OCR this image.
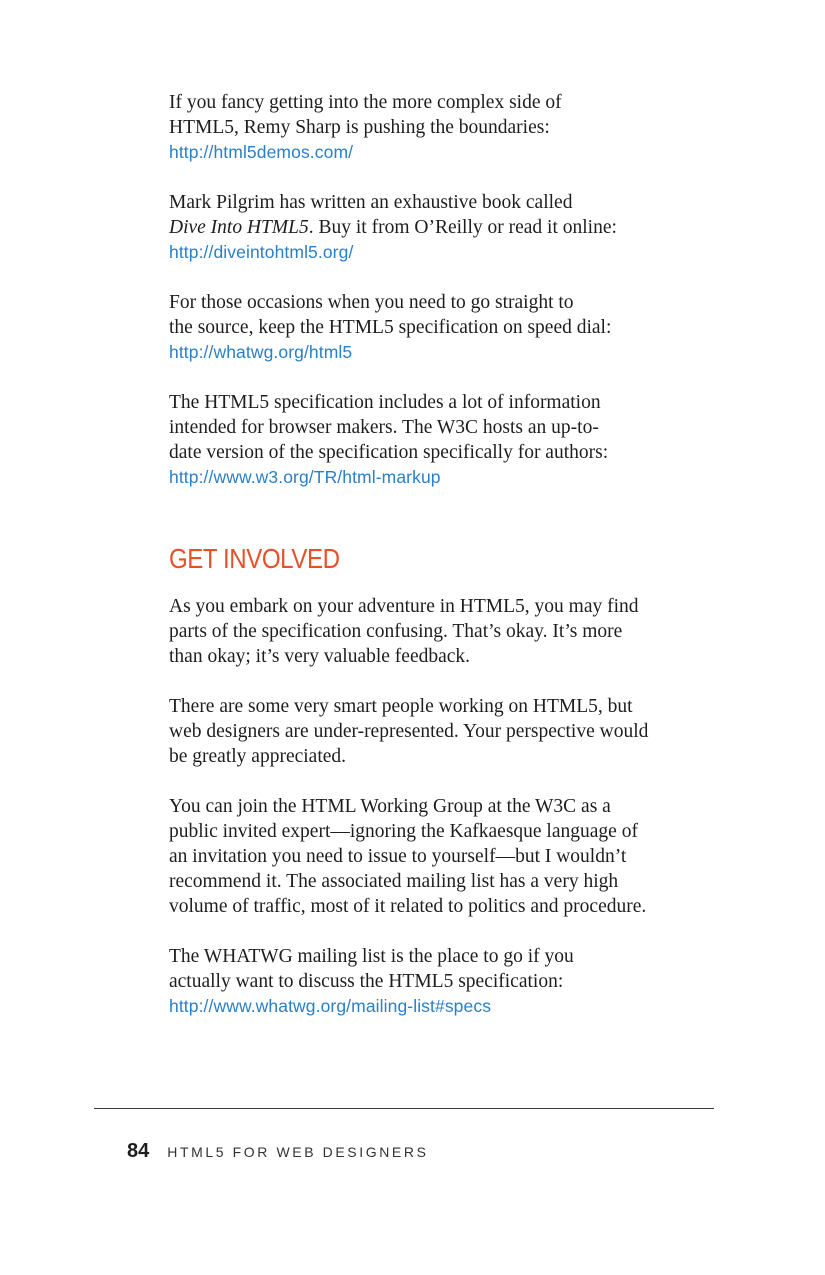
If you fancy getting into the more complex side of
HTML5, Remy Sharp is pushing the boundaries:
http://html5demos.com/

Mark Pilgrim has written an exhaustive book called
Dive Into HTML5. Buy it from O’Reilly or read it online:
http://diveintohtml5.org/

For those occasions when you need to go straight to
the source, keep the HTML5 specification on speed dial:
http://whatwg.org/html5

The HTML5 specification includes a lot of information
intended for browser makers. The W3C hosts an up-to-
date version of the specification specifically for authors:
http://www.w3.org/TR/html-markup

GET INVOLVED

As you embark on your adventure in HTML5, you may find
parts of the specification confusing. That’s okay. It’s more
than okay; it’s very valuable feedback.

There are some very smart people working on HTML5, but
web designers are under-represented. Your perspective would
be greatly appreciated.

You can join the HTML Working Group at the W3C as a
public invited expert—ignoring the Kafkaesque language of
an invitation you need to issue to yourself—but I wouldn’t
recommend it. The associated mailing list has a very high
volume of traffic, most of it related to politics and procedure.

The WHATWG mailing list is the place to go if you
actually want to discuss the HTML5 specification:
http://www.whatwg.org/mailing-list#specs

84 HTML5 FOR WEB DESIGNERS
